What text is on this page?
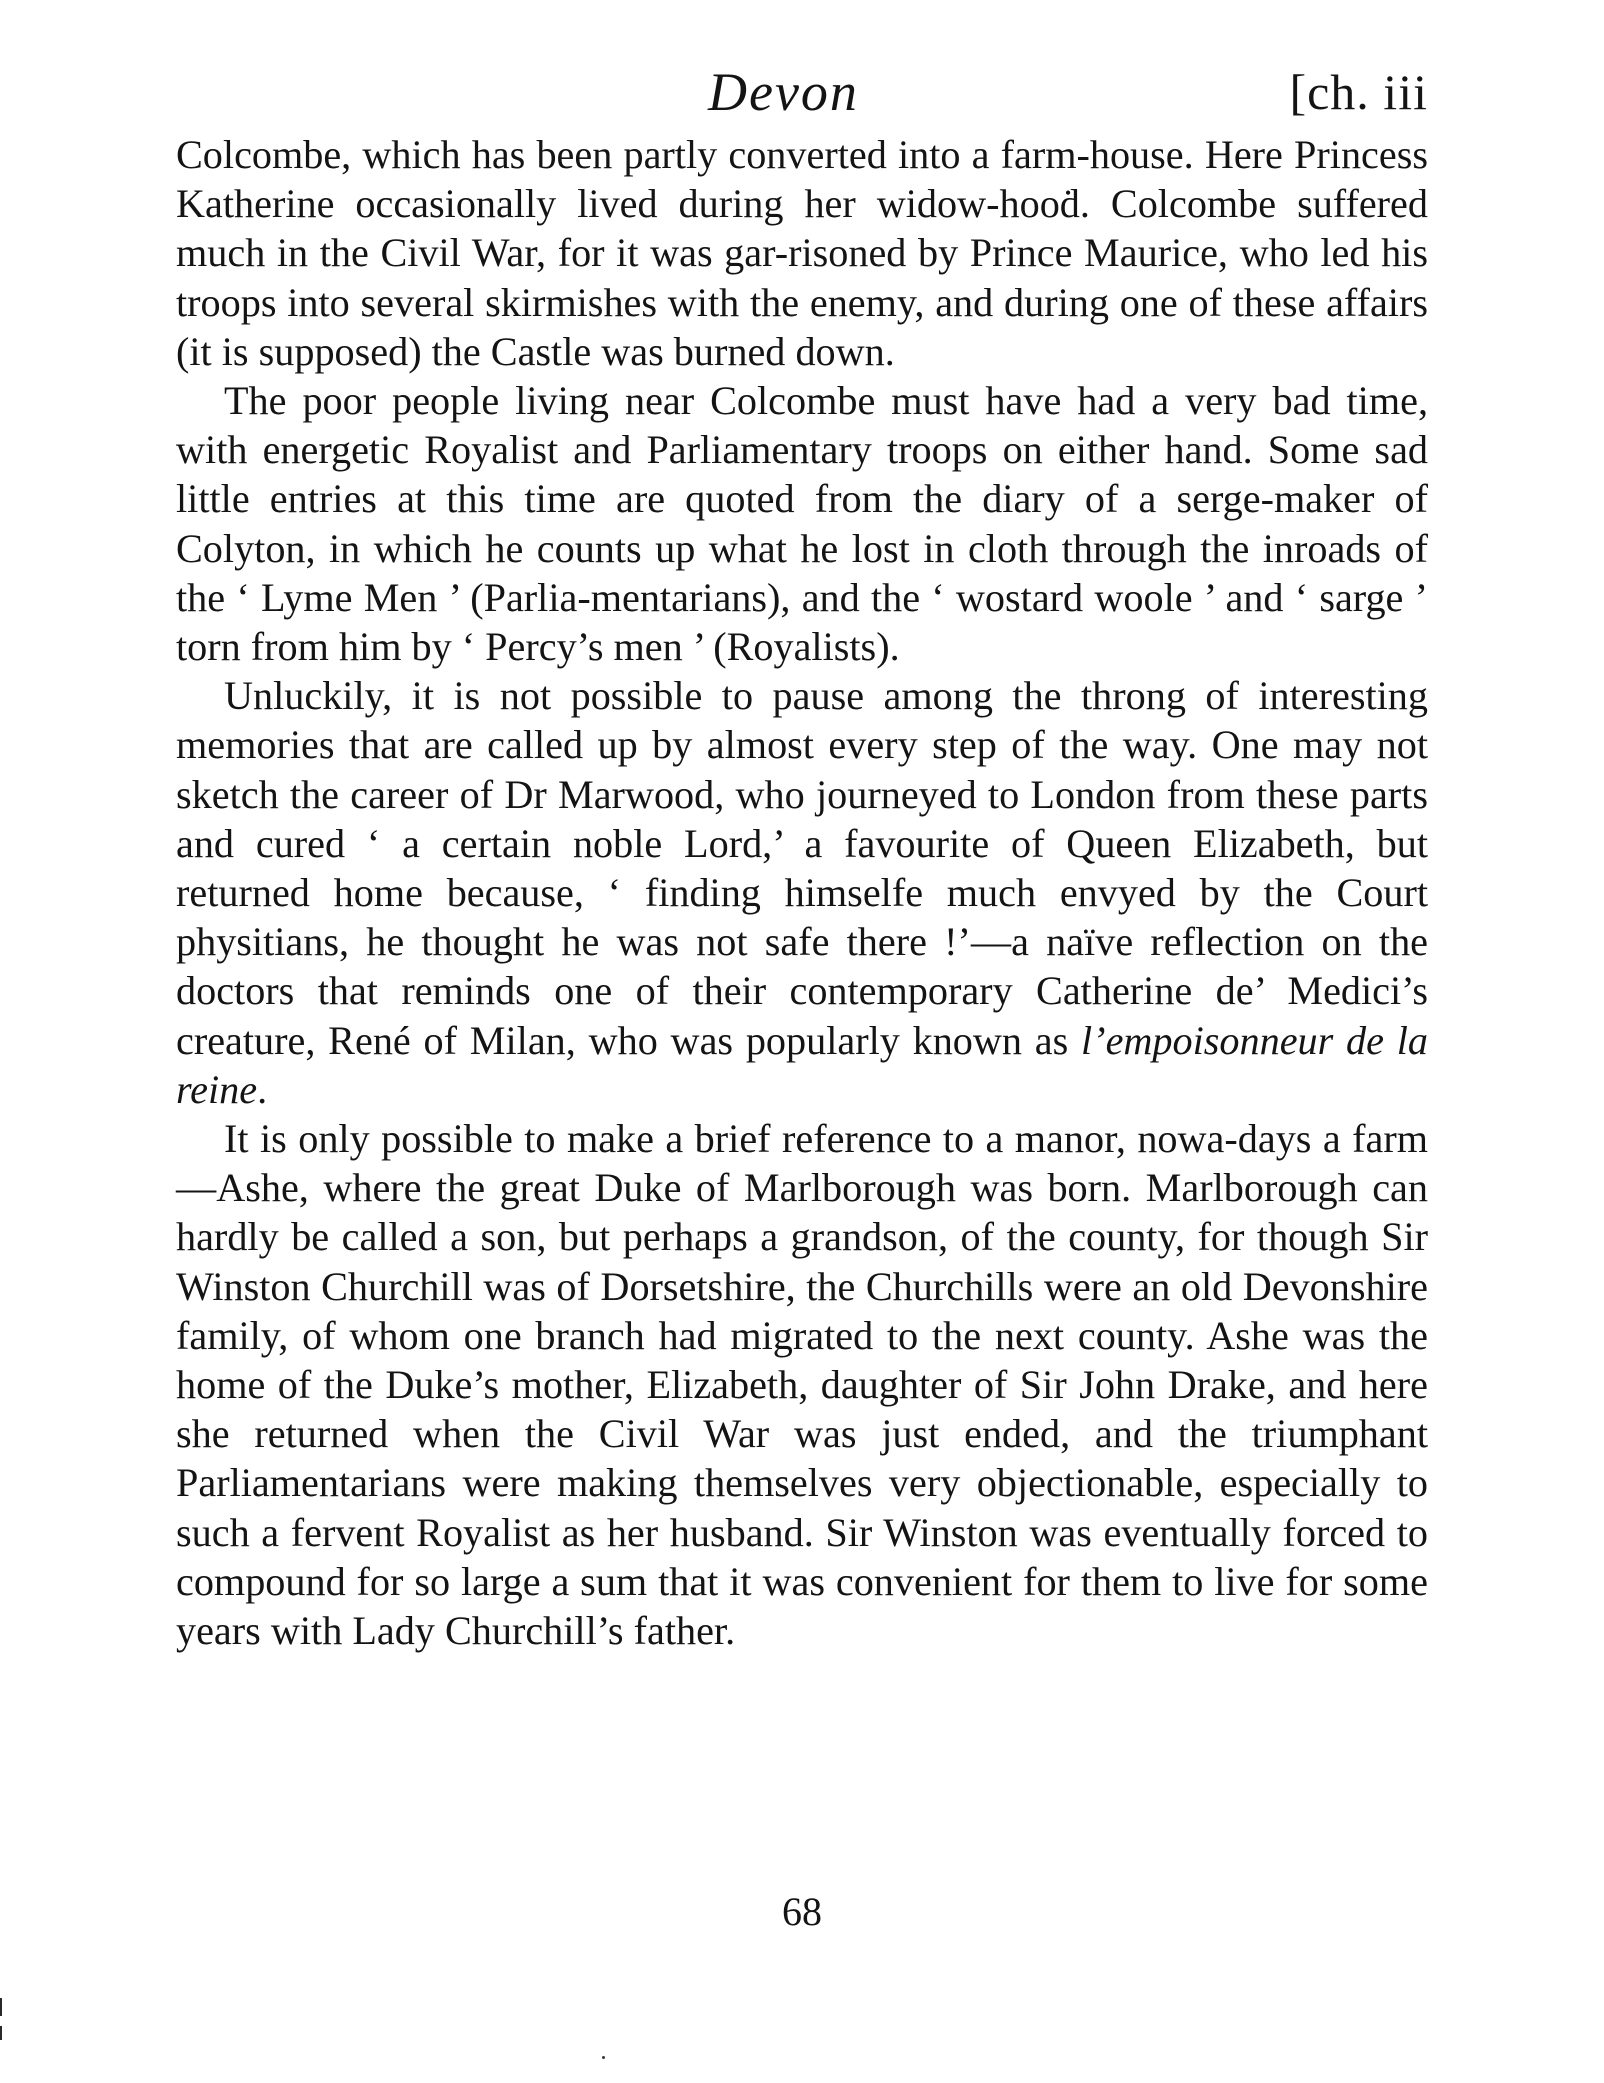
Devon	[ch. iii

Colcombe, which has been partly converted into a farm-house. Here Princess Katherine occasionally lived during her widow-hooḋ. Colcombe suffered much in the Civil War, for it was gar-risoned by Prince Maurice, who led his troops into several skirmishes with the enemy, and during one of these affairs (it is supposed) the Castle was burned down.

The poor people living near Colcombe must have had a very bad time, with energetic Royalist and Parliamentary troops on either hand. Some sad little entries at this time are quoted from the diary of a serge-maker of Colyton, in which he counts up what he lost in cloth through the inroads of the ‘ Lyme Men ’ (Parlia-mentarians), and the ‘ wostard woole ’ and ‘ sarge ’ torn from him by ‘ Percy’s men ’ (Royalists).

Unluckily, it is not possible to pause among the throng of interesting memories that are called up by almost every step of the way. One may not sketch the career of Dr Marwood, who journeyed to London from these parts and cured ‘ a certain noble Lord,’ a favourite of Queen Elizabeth, but returned home because, ‘ finding himselfe much envyed by the Court physitians, he thought he was not safe there !’—a naïve reflection on the doctors that reminds one of their contemporary Catherine de’ Medici’s creature, René of Milan, who was popularly known as l’empoisonneur de la reine.

It is only possible to make a brief reference to a manor, nowa-days a farm—Ashe, where the great Duke of Marlborough was born. Marlborough can hardly be called a son, but perhaps a grandson, of the county, for though Sir Winston Churchill was of Dorsetshire, the Churchills were an old Devonshire family, of whom one branch had migrated to the next county. Ashe was the home of the Duke’s mother, Elizabeth, daughter of Sir John Drake, and here she returned when the Civil War was just ended, and the triumphant Parliamentarians were making themselves very objectionable, especially to such a fervent Royalist as her husband. Sir Winston was eventually forced to compound for so large a sum that it was convenient for them to live for some years with Lady Churchill’s father.

68
